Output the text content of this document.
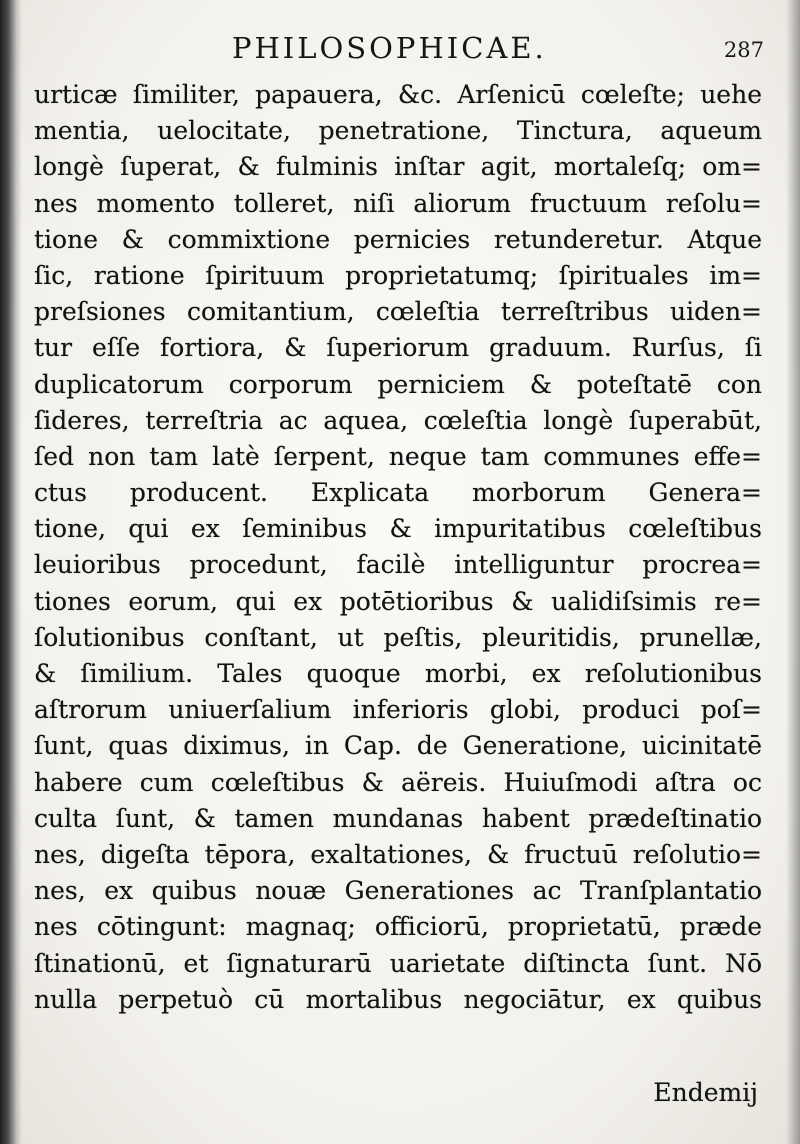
PHILOSOPHICAE.	287
urticæ ſimiliter, papauera, &c. Arſenicū cœleſte; uehe
mentia, uelocitate, penetratione, Tinctura, aqueum
longè ſuperat, & fulminis inſtar agit, mortaleſq; om=
nes momento tolleret, niſi aliorum fructuum reſolu=
tione & commixtione pernicies retunderetur. Atque
ſic, ratione ſpirituum proprietatumq; ſpirituales im=
preſsiones comitantium, cœleſtia terreſtribus uiden=
tur eſſe fortiora, & ſuperiorum graduum. Rurſus, ſi
duplicatorum corporum perniciem & poteſtatē con
ſideres, terreſtria ac aquea, cœleſtia longè ſuperabūt,
ſed non tam latè ſerpent, neque tam communes effe=
ctus producent. Explicata morborum Genera=
tione, qui ex ſeminibus & impuritatibus cœleſtibus
leuioribus procedunt, facilè intelliguntur procrea=
tiones eorum, qui ex potētioribus & ualidiſsimis re=
ſolutionibus conſtant, ut peſtis, pleuritidis, prunellæ,
& ſimilium. Tales quoque morbi, ex reſolutionibus
aſtrorum uniuerſalium inferioris globi, produci poſ=
ſunt, quas diximus, in Cap. de Generatione, uicinitatē
habere cum cœleſtibus & aëreis. Huiuſmodi aſtra oc
culta ſunt, & tamen mundanas habent prædeſtinatio
nes, digeſta tēpora, exaltationes, & fructuū reſolutio=
nes, ex quibus nouæ Generationes ac Tranſplantatio
nes cōtingunt: magnaq; officiorū, proprietatū, præde
ſtinationū, et ſignaturarū uarietate diſtincta ſunt. Nō
nulla perpetuò cū mortalibus negociātur, ex quibus
Endemij
